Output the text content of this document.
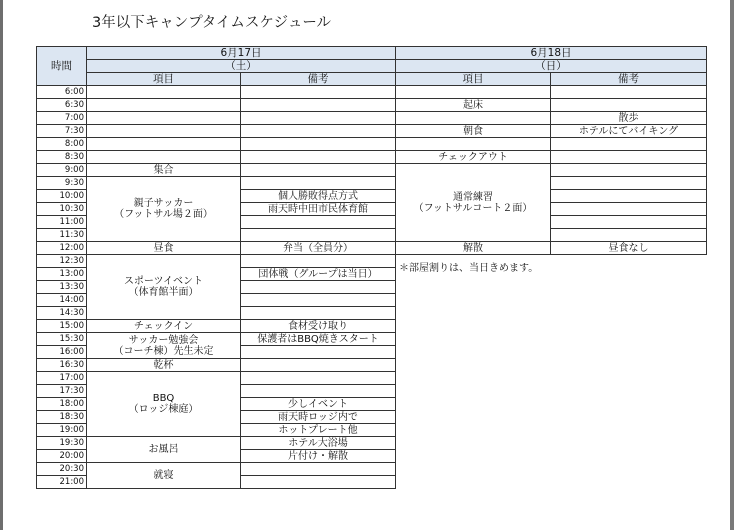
3年以下キャンプタイムスケジュール
時間	6月17日		6月18日	
	（土）		（日）	
	項目	備考	項目	備考
6:00				
6:30			起床	
7:00				散歩
7:30			朝食	ホテルにてバイキング
8:00				
8:30			チェックアウト	
9:00	集合		通常練習
（フットサルコート２面）	

9:30	親子サッカー
（フットサル場２面）			

10:00		個人勝敗得点方式		
10:30		雨天時中田市民体育館		
11:00				
11:30				
12:00	昼食	弁当（全員分）	解散	昼食なし
12:30	スポーツイベント
（体育館半面）		＊部屋割りは、当日きめます。	

13:00		団体戦（グループは当日）		
13:30				
14:00				
14:30				
15:00	チェックイン	食材受け取り		
15:30	サッカー勉強会
（コーチ棟）先生未定	保護者はBBQ焼きスタート		
16:00				
16:30	乾杯			
17:00	BBQ
（ロッジ棟庭）			

17:30				
18:00		少しイベント		
18:30		雨天時ロッジ内で		
19:00		ホットプレート他		
19:30	お風呂	ホテル大浴場		
20:00		片付け・解散		
20:30	就寝			
21:00				
